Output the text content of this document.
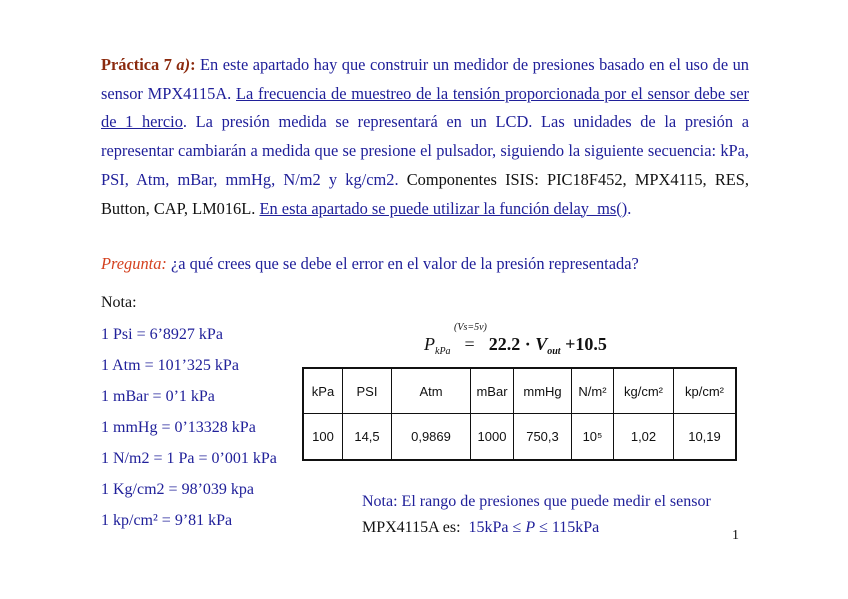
Práctica 7 a): En este apartado hay que construir un medidor de presiones basado en el uso de un sensor MPX4115A. La frecuencia de muestreo de la tensión proporcionada por el sensor debe ser de 1 hercio. La presión medida se representará en un LCD. Las unidades de la presión a representar cambiarán a medida que se presione el pulsador, siguiendo la siguiente secuencia: kPa, PSI, Atm, mBar, mmHg, N/m2 y kg/cm2. Componentes ISIS: PIC18F452, MPX4115, RES, Button, CAP, LM016L. En esta apartado se puede utilizar la función delay_ms().
Pregunta: ¿a qué crees que se debe el error en el valor de la presión representada?
Nota:
1 Psi = 6’8927 kPa
1 Atm = 101’325 kPa
1 mBar = 0’1 kPa
1 mmHg = 0’13328 kPa
1 N/m2 = 1 Pa = 0’001 kPa
1 Kg/cm2 = 98’039 kpa
1 kp/cm² = 9’81 kPa
(Vs=5v)
$P_{kPa} = 22.2 \cdot V_{out} +10.5$
kPa	PSI	Atm	mBar	mmHg	N/m²	kg/cm²	kp/cm²
100	14,5	0,9869	1000	750,3	10⁵	1,02	10,19
Nota: El rango de presiones que puede medir el sensor
MPX4115A es: 15kPa ≤ P ≤ 115kPa	1
